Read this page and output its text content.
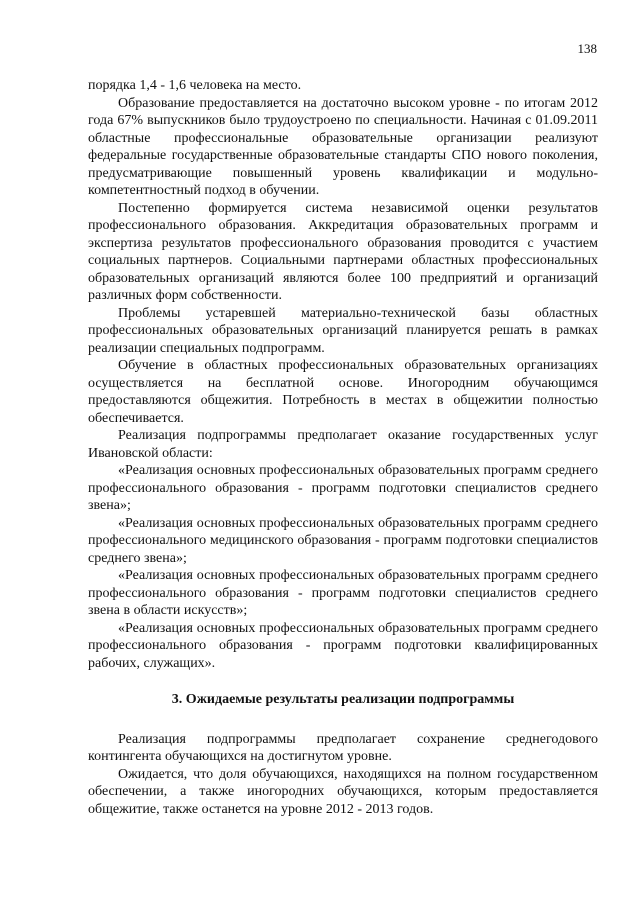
138

порядка 1,4 - 1,6 человека на место.

Образование предоставляется на достаточно высоком уровне - по итогам 2012 года 67% выпускников было трудоустроено по специальности. Начиная с 01.09.2011 областные профессиональные образовательные организации реализуют федеральные государственные образовательные стандарты СПО нового поколения, предусматривающие повышенный уровень квалификации и модульно-компетентностный подход в обучении.

Постепенно формируется система независимой оценки результатов профессионального образования. Аккредитация образовательных программ и экспертиза результатов профессионального образования проводится с участием социальных партнеров. Социальными партнерами областных профессиональных образовательных организаций являются более 100 предприятий и организаций различных форм собственности.

Проблемы устаревшей материально-технической базы областных профессиональных образовательных организаций планируется решать в рамках реализации специальных подпрограмм.

Обучение в областных профессиональных образовательных организациях осуществляется на бесплатной основе. Иногородним обучающимся предоставляются общежития. Потребность в местах в общежитии полностью обеспечивается.

Реализация подпрограммы предполагает оказание государственных услуг Ивановской области:

«Реализация основных профессиональных образовательных программ среднего профессионального образования - программ подготовки специалистов среднего звена»;

«Реализация основных профессиональных образовательных программ среднего профессионального медицинского образования - программ подготовки специалистов среднего звена»;

«Реализация основных профессиональных образовательных программ среднего профессионального образования - программ подготовки специалистов среднего звена в области искусств»;

«Реализация основных профессиональных образовательных программ среднего профессионального образования - программ подготовки квалифицированных рабочих, служащих».

3. Ожидаемые результаты реализации подпрограммы

Реализация подпрограммы предполагает сохранение среднегодового контингента обучающихся на достигнутом уровне.

Ожидается, что доля обучающихся, находящихся на полном государственном обеспечении, а также иногородних обучающихся, которым предоставляется общежитие, также останется на уровне 2012 - 2013 годов.
